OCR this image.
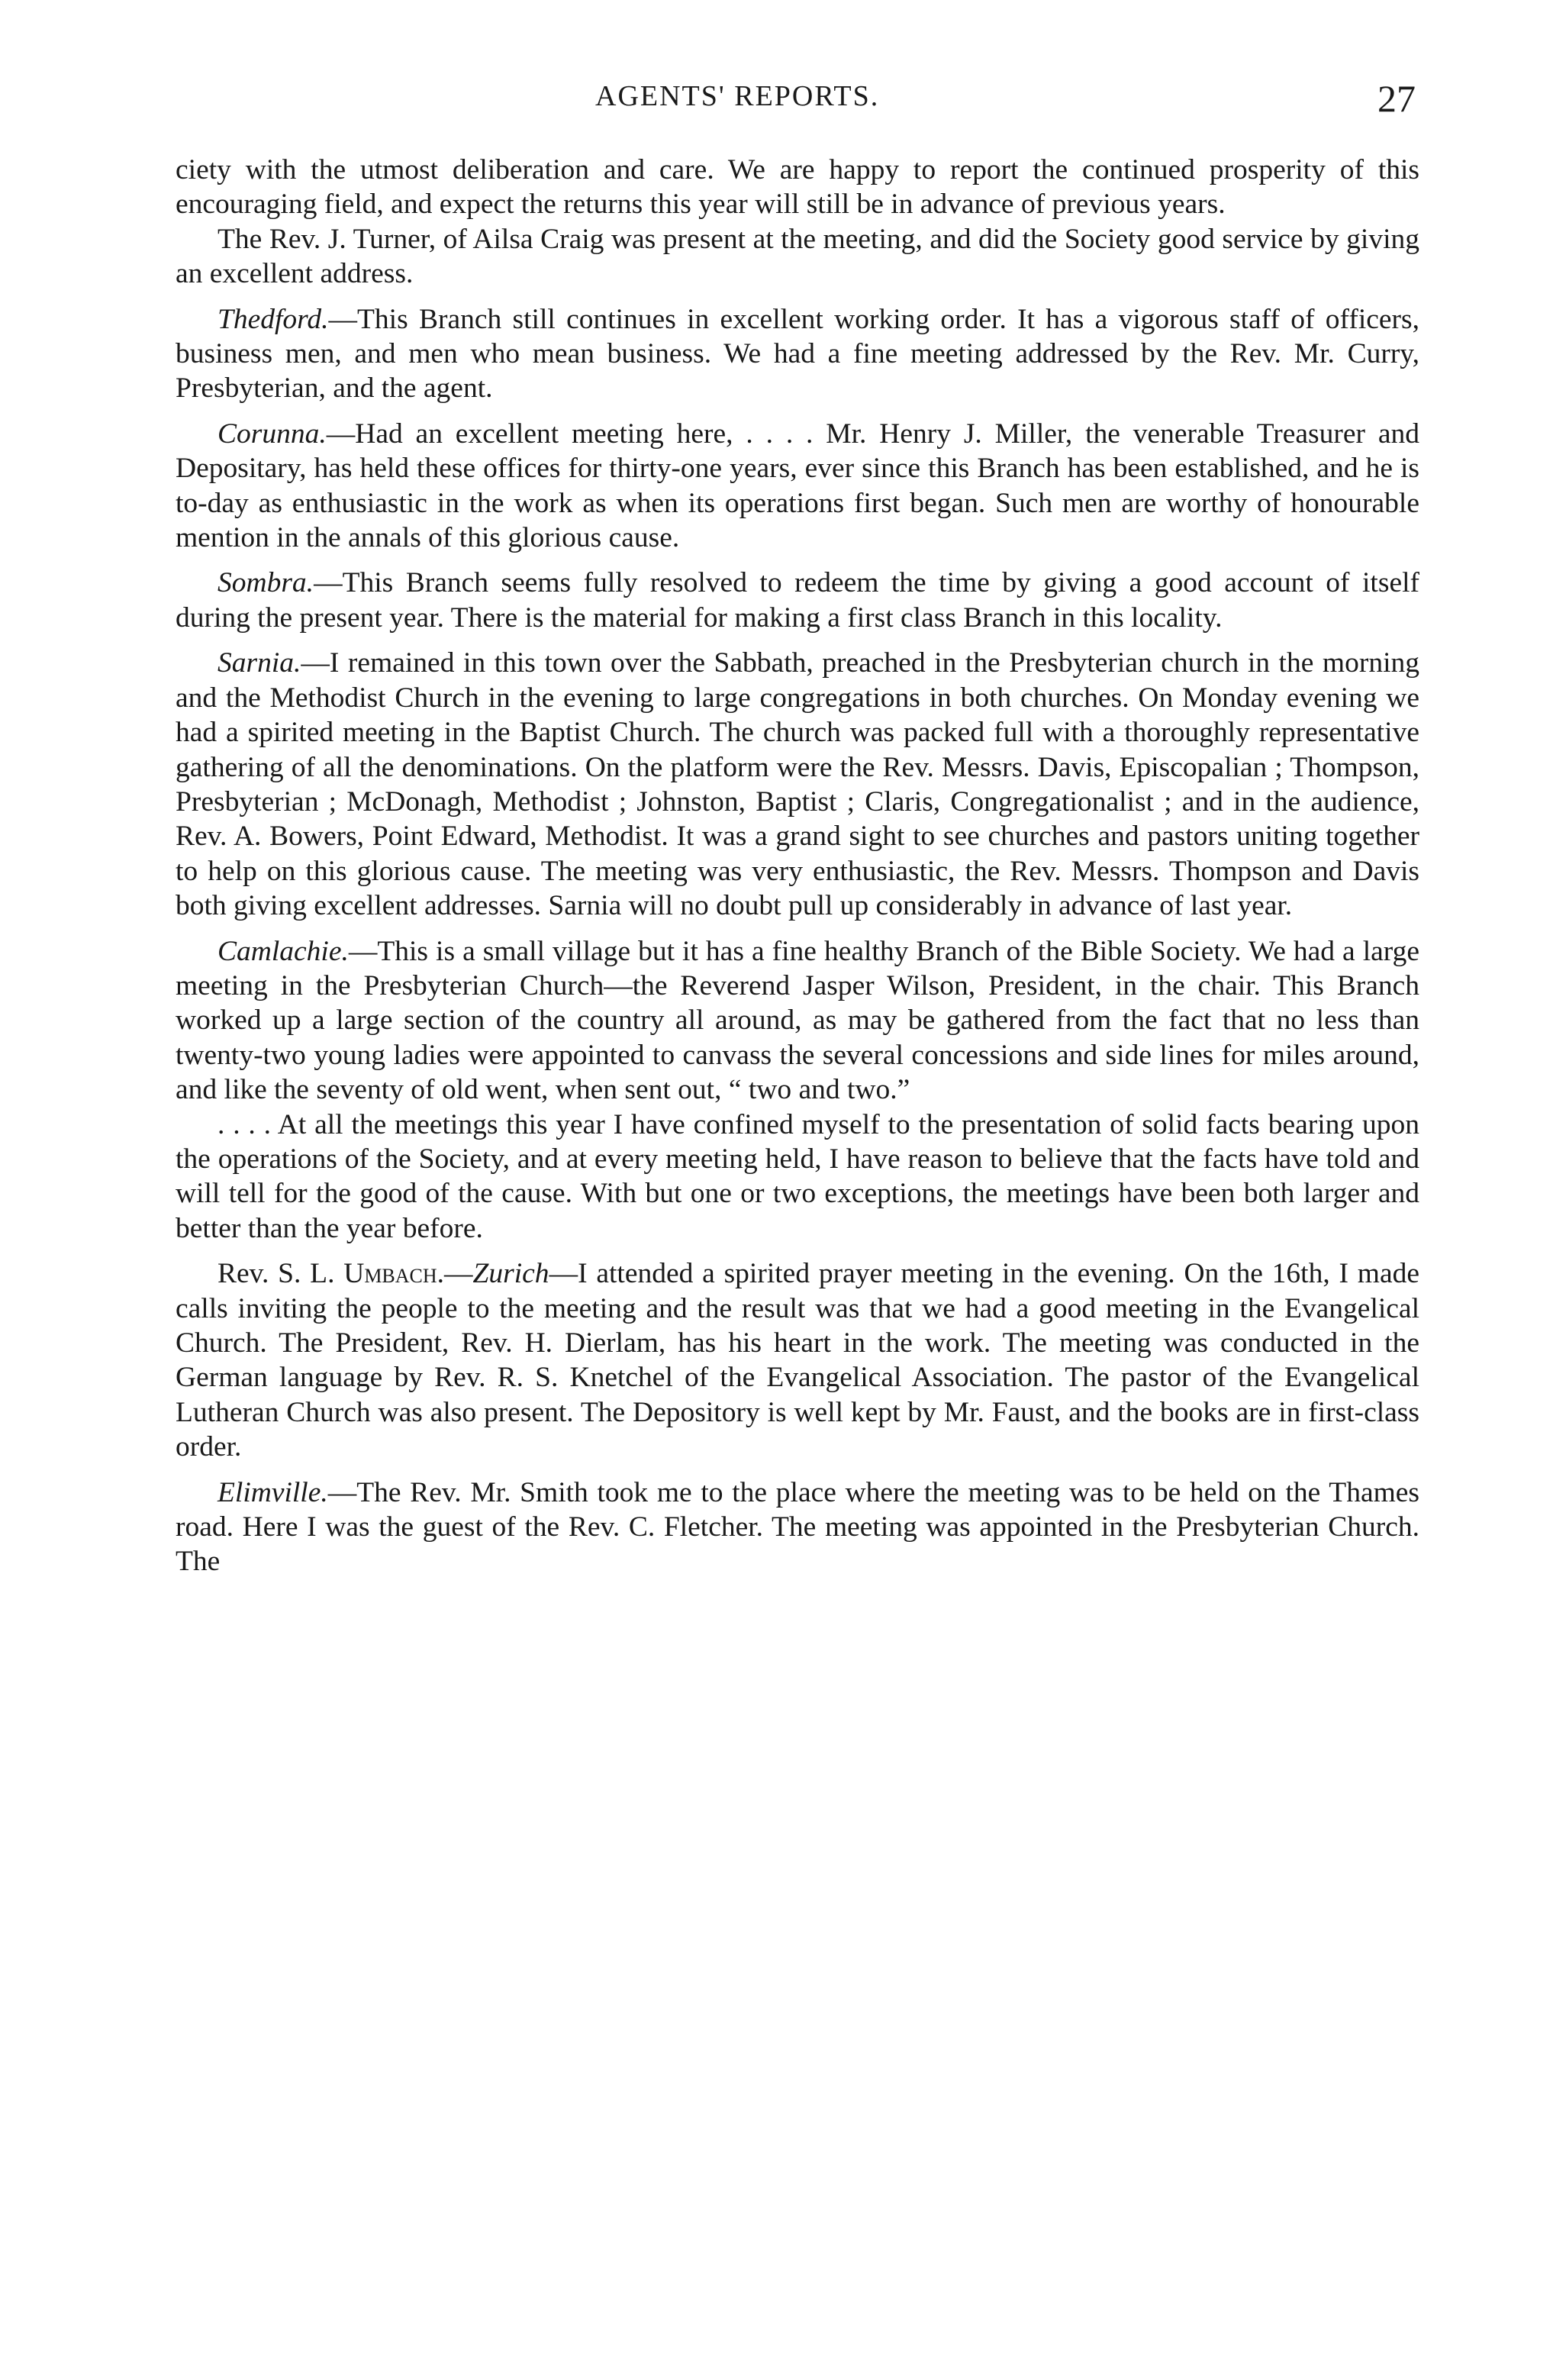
AGENTS' REPORTS.	27

ciety with the utmost deliberation and care. We are happy to report the continued prosperity of this encouraging field, and expect the returns this year will still be in advance of previous years.

The Rev. J. Turner, of Ailsa Craig was present at the meeting, and did the Society good service by giving an excellent address.

Thedford.—This Branch still continues in excellent working order. It has a vigorous staff of officers, business men, and men who mean business. We had a fine meeting addressed by the Rev. Mr. Curry, Presbyterian, and the agent.

Corunna.—Had an excellent meeting here, . . . . Mr. Henry J. Miller, the venerable Treasurer and Depositary, has held these offices for thirty-one years, ever since this Branch has been established, and he is to-day as enthusiastic in the work as when its operations first began. Such men are worthy of honourable mention in the annals of this glorious cause.

Sombra.—This Branch seems fully resolved to redeem the time by giving a good account of itself during the present year. There is the material for making a first class Branch in this locality.

Sarnia.—I remained in this town over the Sabbath, preached in the Presbyterian church in the morning and the Methodist Church in the evening to large congregations in both churches. On Monday evening we had a spirited meeting in the Baptist Church. The church was packed full with a thoroughly representative gathering of all the denominations. On the platform were the Rev. Messrs. Davis, Episcopalian ; Thompson, Presbyterian ; McDonagh, Methodist ; Johnston, Baptist ; Claris, Congregationalist ; and in the audience, Rev. A. Bowers, Point Edward, Methodist. It was a grand sight to see churches and pastors uniting together to help on this glorious cause. The meeting was very enthusiastic, the Rev. Messrs. Thompson and Davis both giving excellent addresses. Sarnia will no doubt pull up considerably in advance of last year.

Camlachie.—This is a small village but it has a fine healthy Branch of the Bible Society. We had a large meeting in the Presbyterian Church—the Reverend Jasper Wilson, President, in the chair. This Branch worked up a large section of the country all around, as may be gathered from the fact that no less than twenty-two young ladies were appointed to canvass the several concessions and side lines for miles around, and like the seventy of old went, when sent out, “ two and two.”

. . . . At all the meetings this year I have confined myself to the presentation of solid facts bearing upon the operations of the Society, and at every meeting held, I have reason to believe that the facts have told and will tell for the good of the cause. With but one or two exceptions, the meetings have been both larger and better than the year before.

Rev. S. L. Umbach.—Zurich—I attended a spirited prayer meeting in the evening. On the 16th, I made calls inviting the people to the meeting and the result was that we had a good meeting in the Evangelical Church. The President, Rev. H. Dierlam, has his heart in the work. The meeting was conducted in the German language by Rev. R. S. Knetchel of the Evangelical Association. The pastor of the Evangelical Lutheran Church was also present. The Depository is well kept by Mr. Faust, and the books are in first-class order.

Elimville.—The Rev. Mr. Smith took me to the place where the meeting was to be held on the Thames road. Here I was the guest of the Rev. C. Fletcher. The meeting was appointed in the Presbyterian Church. The
